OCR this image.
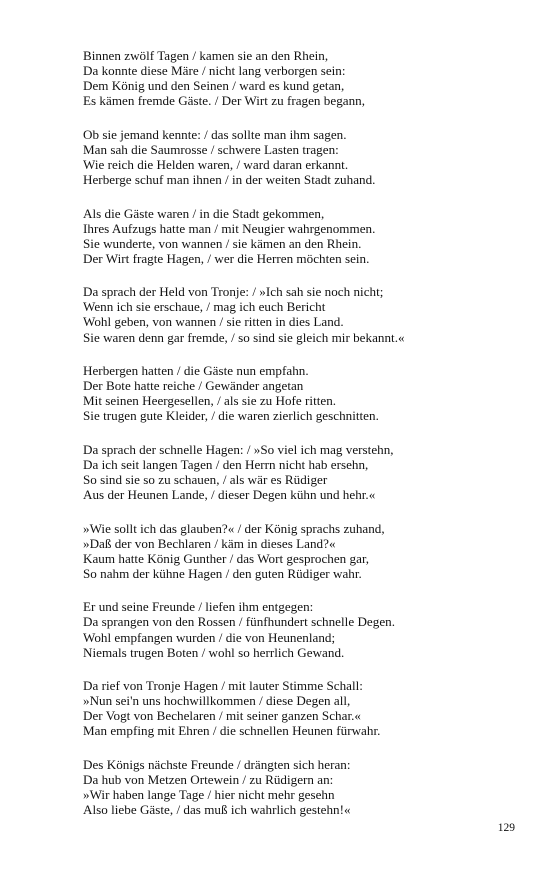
Binnen zwölf Tagen / kamen sie an den Rhein,
Da konnte diese Märe / nicht lang verborgen sein:
Dem König und den Seinen / ward es kund getan,
Es kämen fremde Gäste. / Der Wirt zu fragen begann,
Ob sie jemand kennte: / das sollte man ihm sagen.
Man sah die Saumrosse / schwere Lasten tragen:
Wie reich die Helden waren, / ward daran erkannt.
Herberge schuf man ihnen / in der weiten Stadt zuhand.
Als die Gäste waren / in die Stadt gekommen,
Ihres Aufzugs hatte man / mit Neugier wahrgenommen.
Sie wunderte, von wannen / sie kämen an den Rhein.
Der Wirt fragte Hagen, / wer die Herren möchten sein.
Da sprach der Held von Tronje: / »Ich sah sie noch nicht;
Wenn ich sie erschaue, / mag ich euch Bericht
Wohl geben, von wannen / sie ritten in dies Land.
Sie waren denn gar fremde, / so sind sie gleich mir bekannt.«
Herbergen hatten / die Gäste nun empfahn.
Der Bote hatte reiche / Gewänder angetan
Mit seinen Heergesellen, / als sie zu Hofe ritten.
Sie trugen gute Kleider, / die waren zierlich geschnitten.
Da sprach der schnelle Hagen: / »So viel ich mag verstehn,
Da ich seit langen Tagen / den Herrn nicht hab ersehn,
So sind sie so zu schauen, / als wär es Rüdiger
Aus der Heunen Lande, / dieser Degen kühn und hehr.«
»Wie sollt ich das glauben?« / der König sprachs zuhand,
»Daß der von Bechlaren / käm in dieses Land?«
Kaum hatte König Gunther / das Wort gesprochen gar,
So nahm der kühne Hagen / den guten Rüdiger wahr.
Er und seine Freunde / liefen ihm entgegen:
Da sprangen von den Rossen / fünfhundert schnelle Degen.
Wohl empfangen wurden / die von Heunenland;
Niemals trugen Boten / wohl so herrlich Gewand.
Da rief von Tronje Hagen / mit lauter Stimme Schall:
»Nun sei'n uns hochwillkommen / diese Degen all,
Der Vogt von Bechelaren / mit seiner ganzen Schar.«
Man empfing mit Ehren / die schnellen Heunen fürwahr.
Des Königs nächste Freunde / drängten sich heran:
Da hub von Metzen Ortewein / zu Rüdigern an:
»Wir haben lange Tage / hier nicht mehr gesehn
Also liebe Gäste, / das muß ich wahrlich gestehn!«
129
